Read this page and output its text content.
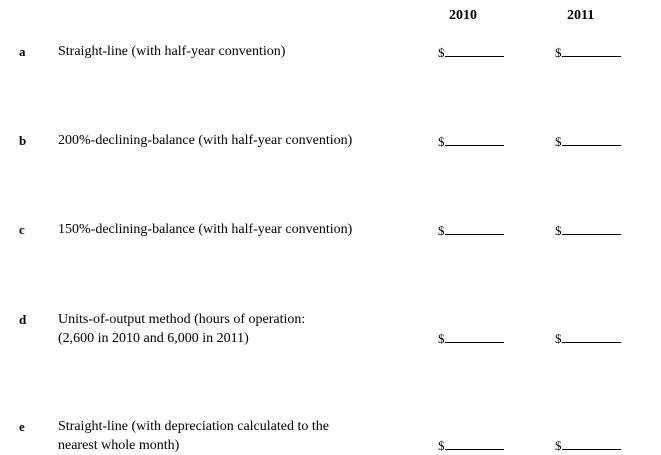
2010	2011
a Straight-line (with half-year convention)	$	$
b 200%-declining-balance (with half-year convention)	$	$
c 150%-declining-balance (with half-year convention)	$	$
d Units-of-output method (hours of operation:
(2,600 in 2010 and 6,000 in 2011)	$	$
e Straight-line (with depreciation calculated to the
nearest whole month)	$	$
